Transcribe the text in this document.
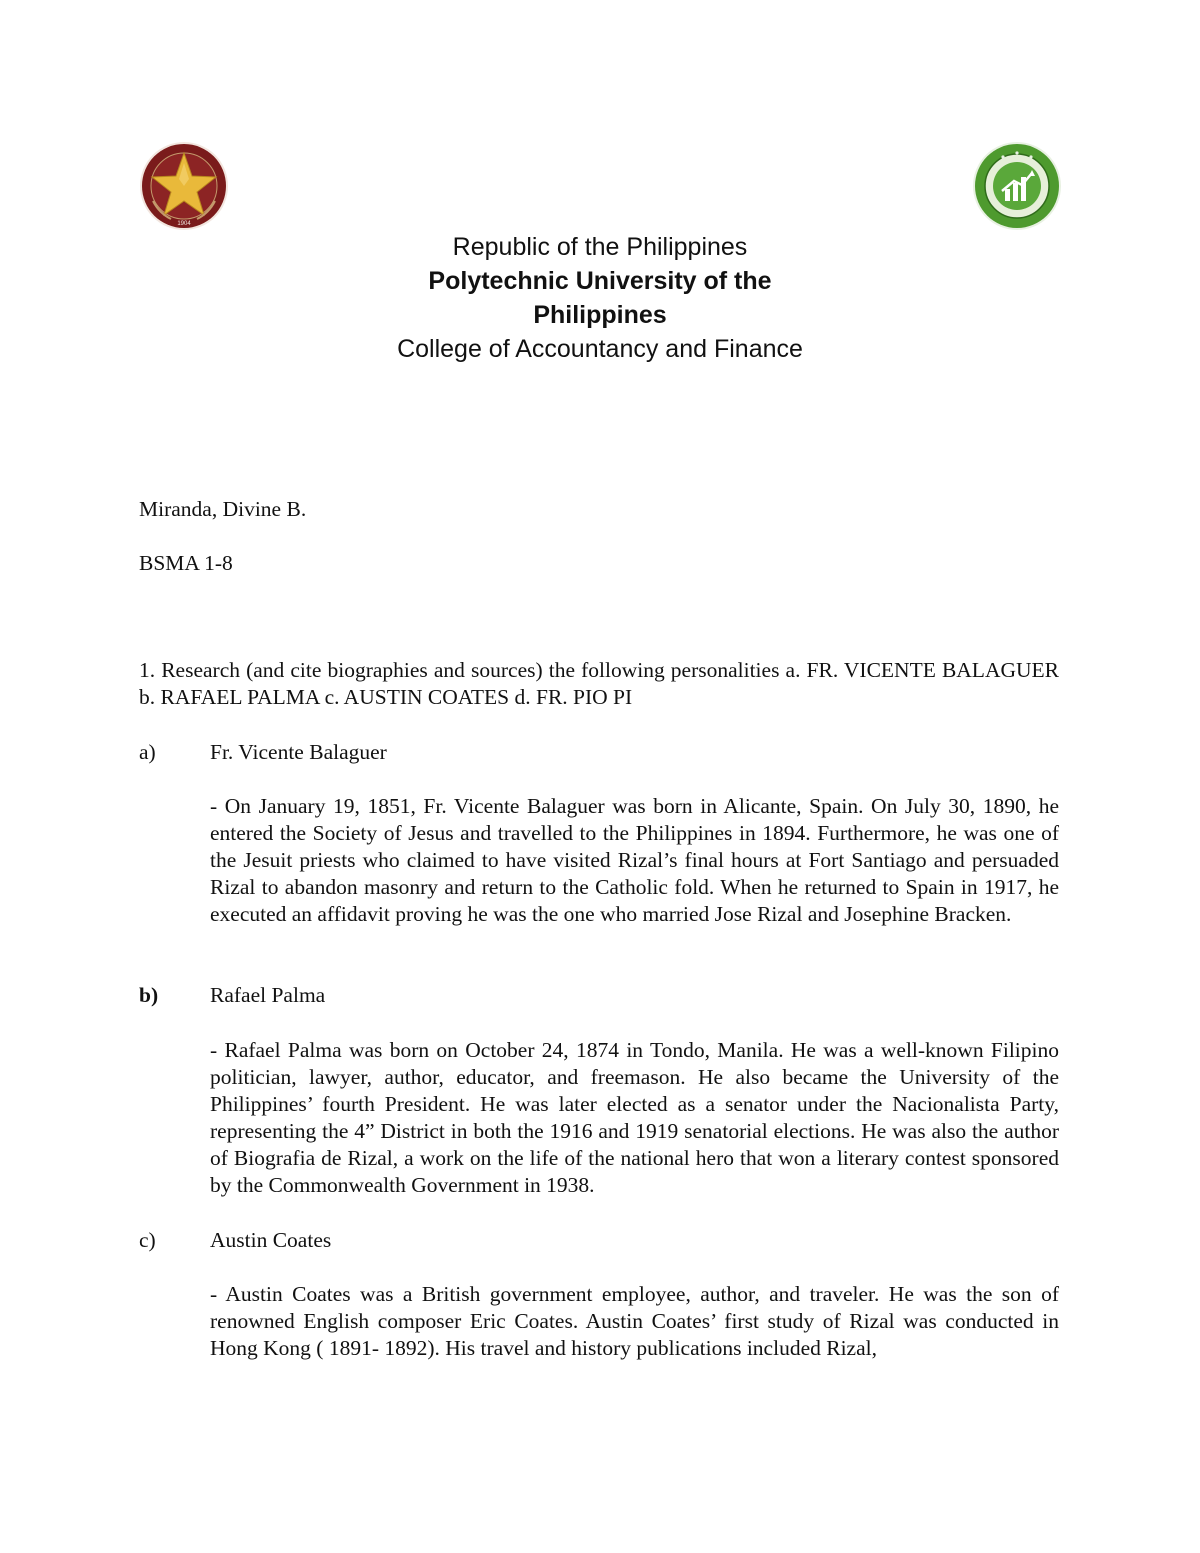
1904
Republic of the Philippines
Polytechnic University of the
Philippines
College of Accountancy and Finance
Miranda, Divine B.
BSMA 1-8
1. Research (and cite biographies and sources) the following personalities a. FR. VICENTE BALAGUER b. RAFAEL PALMA c. AUSTIN COATES d. FR. PIO PI
a)	Fr. Vicente Balaguer
- On January 19, 1851, Fr. Vicente Balaguer was born in Alicante, Spain. On July 30, 1890, he entered the Society of Jesus and travelled to the Philippines in 1894. Furthermore, he was one of the Jesuit priests who claimed to have visited Rizal’s final hours at Fort Santiago and persuaded Rizal to abandon masonry and return to the Catholic fold. When he returned to Spain in 1917, he executed an affidavit proving he was the one who married Jose Rizal and Josephine Bracken.
b) Rafael Palma
- Rafael Palma was born on October 24, 1874 in Tondo, Manila. He was a well-known Filipino politician, lawyer, author, educator, and freemason. He also became the University of the Philippines’ fourth President. He was later elected as a senator under the Nacionalista Party, representing the 4” District in both the 1916 and 1919 senatorial elections. He was also the author of Biografia de Rizal, a work on the life of the national hero that won a literary contest sponsored by the Commonwealth Government in 1938.
c)	Austin Coates
- Austin Coates was a British government employee, author, and traveler. He was the son of renowned English composer Eric Coates. Austin Coates’ first study of Rizal was conducted in Hong Kong ( 1891- 1892). His travel and history publications included Rizal,
